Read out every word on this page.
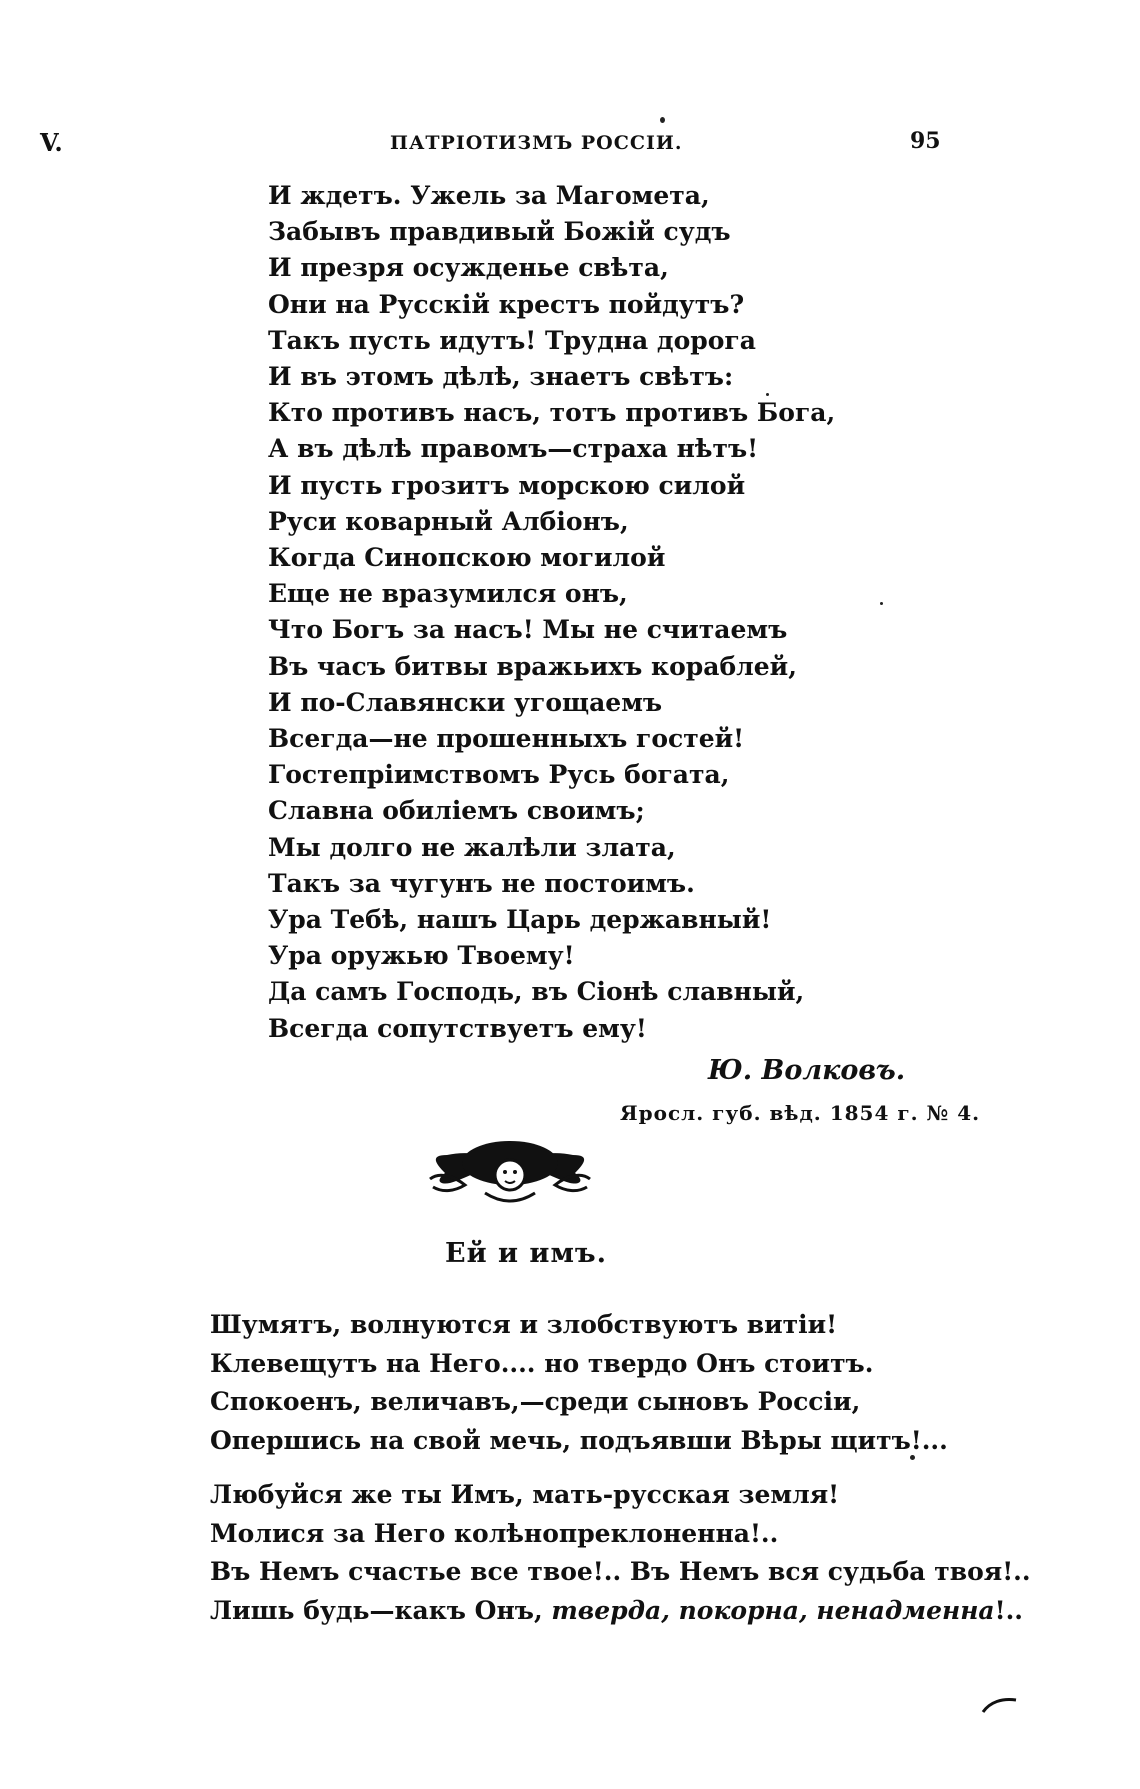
V.	ПАТРІОТИЗМЪ РОССІИ.	95
И ждетъ. Ужель за Магомета,
Забывъ правдивый Божій судъ
И презря осужденье свѣта,
Они на Русскій крестъ пойдутъ?
Такъ пусть идутъ! Трудна дорога
И въ этомъ дѣлѣ, знаетъ свѣтъ:
Кто противъ насъ, тотъ противъ Бога,
А въ дѣлѣ правомъ—страха нѣтъ!
И пусть грозитъ морскою силой
Руси коварный Албіонъ,
Когда Синопскою могилой
Еще не вразумился онъ,
Что Богъ за насъ! Мы не считаемъ
Въ часъ битвы вражьихъ кораблей,
И по-Славянски угощаемъ
Всегда—не прошенныхъ гостей!
Гостепріимствомъ Русь богата,
Славна обиліемъ своимъ;
Мы долго не жалѣли злата,
Такъ за чугунъ не постоимъ.
Ура Тебѣ, нашъ Царь державный!
Ура оружью Твоему!
Да самъ Господь, въ Сіонѣ славный,
Всегда сопутствуетъ ему!
Ю. Волковъ.
Яросл. губ. вѣд. 1854 г. № 4.
Ей и имъ.
Шумятъ, волнуются и злобствуютъ витіи!
Клевещутъ на Него.... но твердо Онъ стоитъ.
Спокоенъ, величавъ,—среди сыновъ Россіи,
Опершись на свой мечь, подъявши Вѣры щитъ!...
Любуйся же ты Имъ, мать-русская земля!
Молися за Него колѣнопреклоненна!..
Въ Немъ счастье все твое!.. Въ Немъ вся судьба твоя!..
Лишь будь—какъ Онъ, тверда, покорна, ненадменна!..
